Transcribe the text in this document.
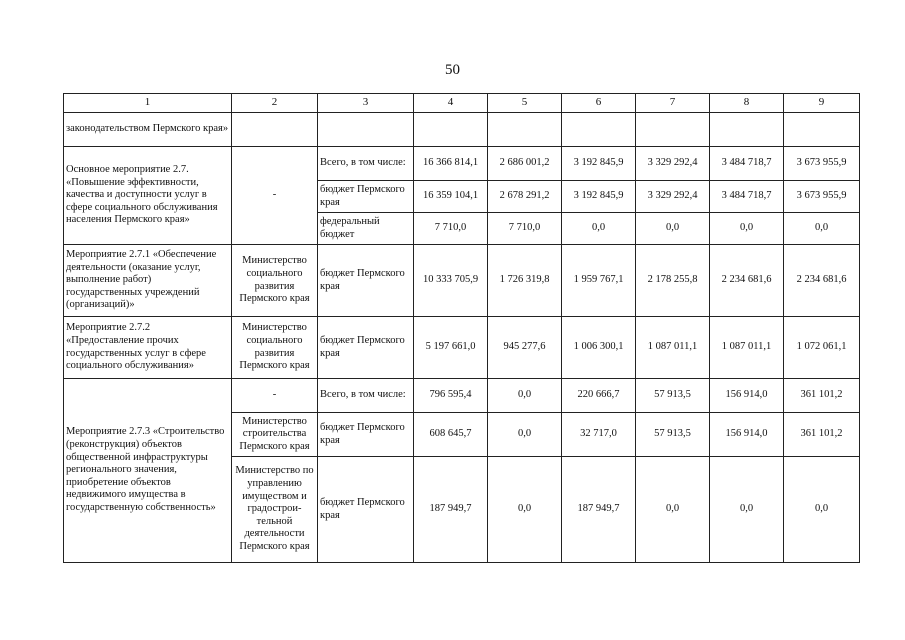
50
1	2	3	4	5	6	7	8	9
законодательством Пермского края»								
Основное мероприятие 2.7. «Повышение эффективности, качества и доступности услуг в сфере социального обслуживания населения Пермского края»	-	Всего, в том числе:	16 366 814,1	2 686 001,2	3 192 845,9	3 329 292,4	3 484 718,7	3 673 955,9
		бюджет Пермского края	16 359 104,1	2 678 291,2	3 192 845,9	3 329 292,4	3 484 718,7	3 673 955,9
		федеральный бюджет	7 710,0	7 710,0	0,0	0,0	0,0	0,0
Мероприятие 2.7.1 «Обеспечение деятельности (оказание услуг, выполнение работ) государственных учреждений (организаций)»	Министерство социального развития Пермского края	бюджет Пермского края	10 333 705,9	1 726 319,8	1 959 767,1	2 178 255,8	2 234 681,6	2 234 681,6
Мероприятие 2.7.2 «Предоставление прочих государственных услуг в сфере социального обслуживания»	Министерство социального развития Пермского края	бюджет Пермского края	5 197 661,0	945 277,6	1 006 300,1	1 087 011,1	1 087 011,1	1 072 061,1
Мероприятие 2.7.3 «Строительство (реконструкция) объектов общественной инфраструктуры регионального значения, приобретение объектов недвижимого имущества в государственную собственность»	-	Всего, в том числе:	796 595,4	0,0	220 666,7	57 913,5	156 914,0	361 101,2
	Министерство строительства Пермского края	бюджет Пермского края	608 645,7	0,0	32 717,0	57 913,5	156 914,0	361 101,2
	Министерство по управлению имуществом и градострои-тельной деятельности Пермского края	бюджет Пермского края	187 949,7	0,0	187 949,7	0,0	0,0	0,0
